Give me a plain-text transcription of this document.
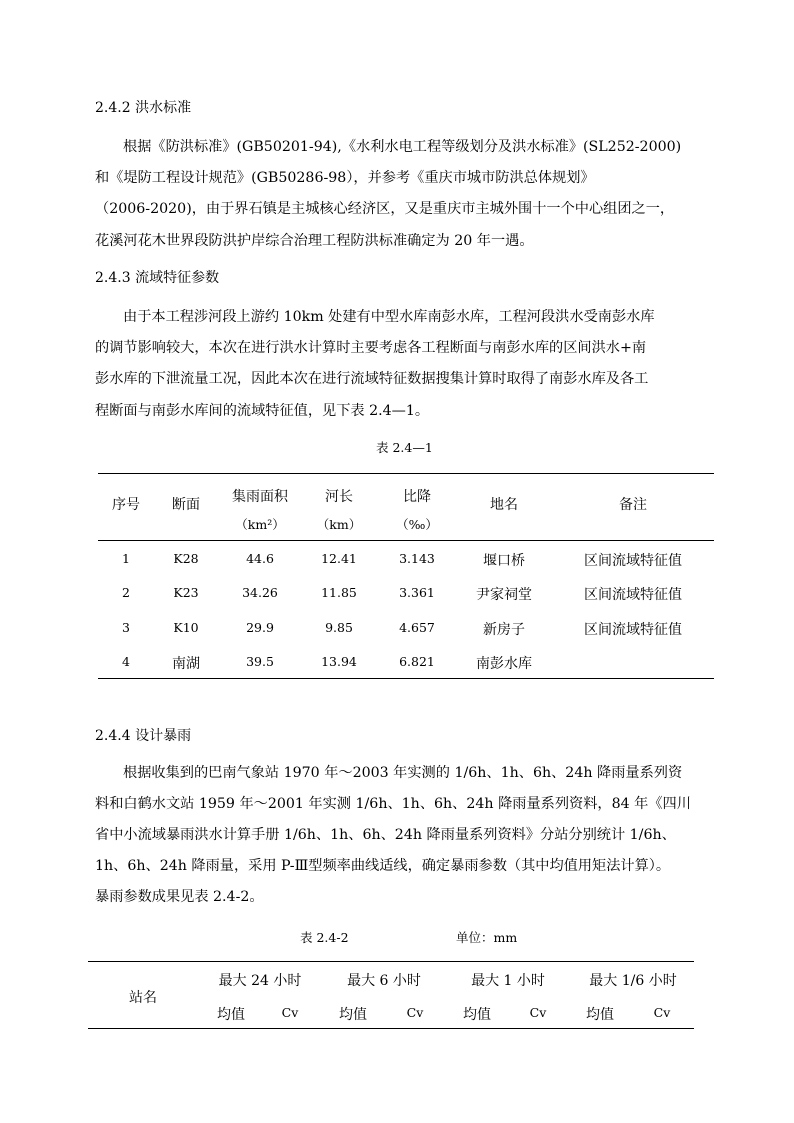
2.4.2 洪水标准
根据《防洪标准》(GB50201-94),《水利水电工程等级划分及洪水标准》(SL252-2000)
和《堤防工程设计规范》(GB50286-98），并参考《重庆市城市防洪总体规划》
（2006-2020)，由于界石镇是主城核心经济区，又是重庆市主城外围十一个中心组团之一，
花溪河花木世界段防洪护岸综合治理工程防洪标准确定为 20 年一遇。
2.4.3 流域特征参数
由于本工程涉河段上游约 10km 处建有中型水库南彭水库，工程河段洪水受南彭水库
的调节影响较大，本次在进行洪水计算时主要考虑各工程断面与南彭水库的区间洪水+南
彭水库的下泄流量工况，因此本次在进行流域特征数据搜集计算时取得了南彭水库及各工
程断面与南彭水库间的流域特征值，见下表 2.4—1。
表 2.4—1
序号	断面	集雨面积	河长	比降	地名	备注
（km²）	（km）	（‰）
1	K28	44.6	12.41	3.143	堰口桥	区间流域特征值
2	K23	34.26	11.85	3.361	尹家祠堂	区间流域特征值
3	K10	29.9	9.85	4.657	新房子	区间流域特征值
4	南湖	39.5	13.94	6.821	南彭水库
2.4.4 设计暴雨
根据收集到的巴南气象站 1970 年～2003 年实测的 1/6h、1h、6h、24h 降雨量系列资
料和白鹤水文站 1959 年～2001 年实测 1/6h、1h、6h、24h 降雨量系列资料，84 年《四川
省中小流域暴雨洪水计算手册 1/6h、1h、6h、24h 降雨量系列资料》分站分别统计 1/6h、
1h、6h、24h 降雨量，采用 P-Ⅲ型频率曲线适线，确定暴雨参数（其中均值用矩法计算）。
暴雨参数成果见表 2.4-2。
表 2.4-2	单位：mm
站名
最大 24 小时	最大 6 小时	最大 1 小时	最大 1/6 小时
均值	Cv	均值	Cv	均值	Cv	均值	Cv
